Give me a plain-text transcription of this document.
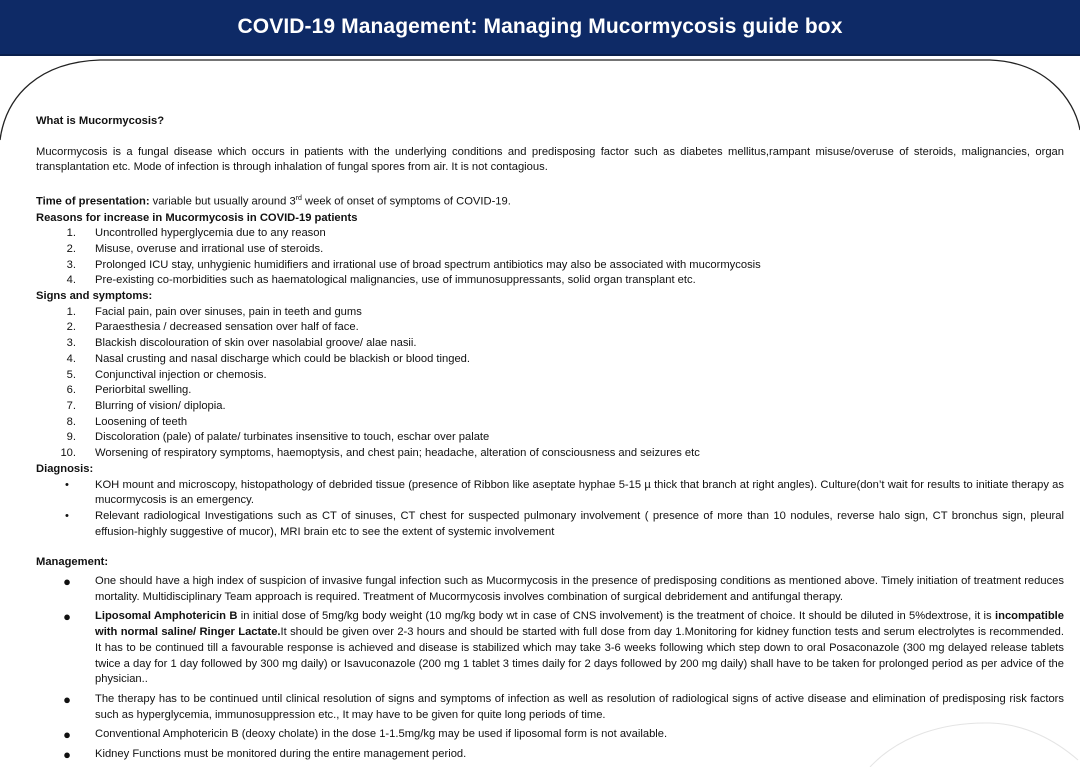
COVID-19 Management: Managing Mucormycosis guide box
What is Mucormycosis?
Mucormycosis is a fungal disease which occurs in patients with the underlying conditions and predisposing factor such as diabetes mellitus,rampant misuse/overuse of steroids, malignancies, organ transplantation etc. Mode of infection is through inhalation of fungal spores from air. It is not contagious.
Time of presentation: variable but usually around 3rd week of onset of symptoms of COVID-19.
Reasons for increase in Mucormycosis in COVID-19 patients
1.	Uncontrolled hyperglycemia due to any reason
2.	Misuse, overuse and irrational use of steroids.
3.	Prolonged ICU stay, unhygienic humidifiers and irrational use of broad spectrum antibiotics may also be associated with mucormycosis
4.	Pre-existing co-morbidities such as haematological malignancies, use of immunosuppressants, solid organ transplant etc.
Signs and symptoms:
1.	Facial pain, pain over sinuses, pain in teeth and gums
2.	Paraesthesia / decreased sensation over half of face.
3.	Blackish discolouration of skin over nasolabial groove/ alae nasii.
4.	Nasal crusting and nasal discharge which could be blackish or blood tinged.
5.	Conjunctival injection or chemosis.
6.	Periorbital swelling.
7.	Blurring of vision/ diplopia.
8.	Loosening of teeth
9.	Discoloration (pale) of palate/ turbinates insensitive to touch, eschar over palate
10.	Worsening of respiratory symptoms, haemoptysis, and chest pain; headache, alteration of consciousness and seizures etc
Diagnosis:
•	KOH mount and microscopy, histopathology of debrided tissue (presence of Ribbon like aseptate hyphae 5-15 µ thick that branch at right angles). Culture(don’t wait for results to initiate therapy as mucormycosis is an emergency.
•	Relevant radiological Investigations such as CT of sinuses, CT chest for suspected pulmonary involvement ( presence of more than 10 nodules, reverse halo sign, CT bronchus sign, pleural effusion-highly suggestive of mucor), MRI brain etc to see the extent of systemic involvement
Management:
●	One should have a high index of suspicion of invasive fungal infection such as Mucormycosis in the presence of predisposing conditions as mentioned above. Timely initiation of treatment reduces mortality. Multidisciplinary Team approach is required. Treatment of Mucormycosis involves combination of surgical debridement and antifungal therapy.
●	Liposomal Amphotericin B in initial dose of 5mg/kg body weight (10 mg/kg body wt in case of CNS involvement) is the treatment of choice. It should be diluted in 5%dextrose, it is incompatible with normal saline/ Ringer Lactate.It should be given over 2-3 hours and should be started with full dose from day 1.Monitoring for kidney function tests and serum electrolytes is recommended. It has to be continued till a favourable response is achieved and disease is stabilized which may take 3-6 weeks following which step down to oral Posaconazole (300 mg delayed release tablets twice a day for 1 day followed by 300 mg daily) or Isavuconazole (200 mg 1 tablet 3 times daily for 2 days followed by 200 mg daily) shall have to be taken for prolonged period as per advice of the physician..
●	The therapy has to be continued until clinical resolution of signs and symptoms of infection as well as resolution of radiological signs of active disease and elimination of predisposing risk factors such as hyperglycemia, immunosuppression etc., It may have to be given for quite long periods of time.
●	Conventional Amphotericin B (deoxy cholate) in the dose 1-1.5mg/kg may be used if liposomal form is not available.
●	Kidney Functions must be monitored during the entire management period.
